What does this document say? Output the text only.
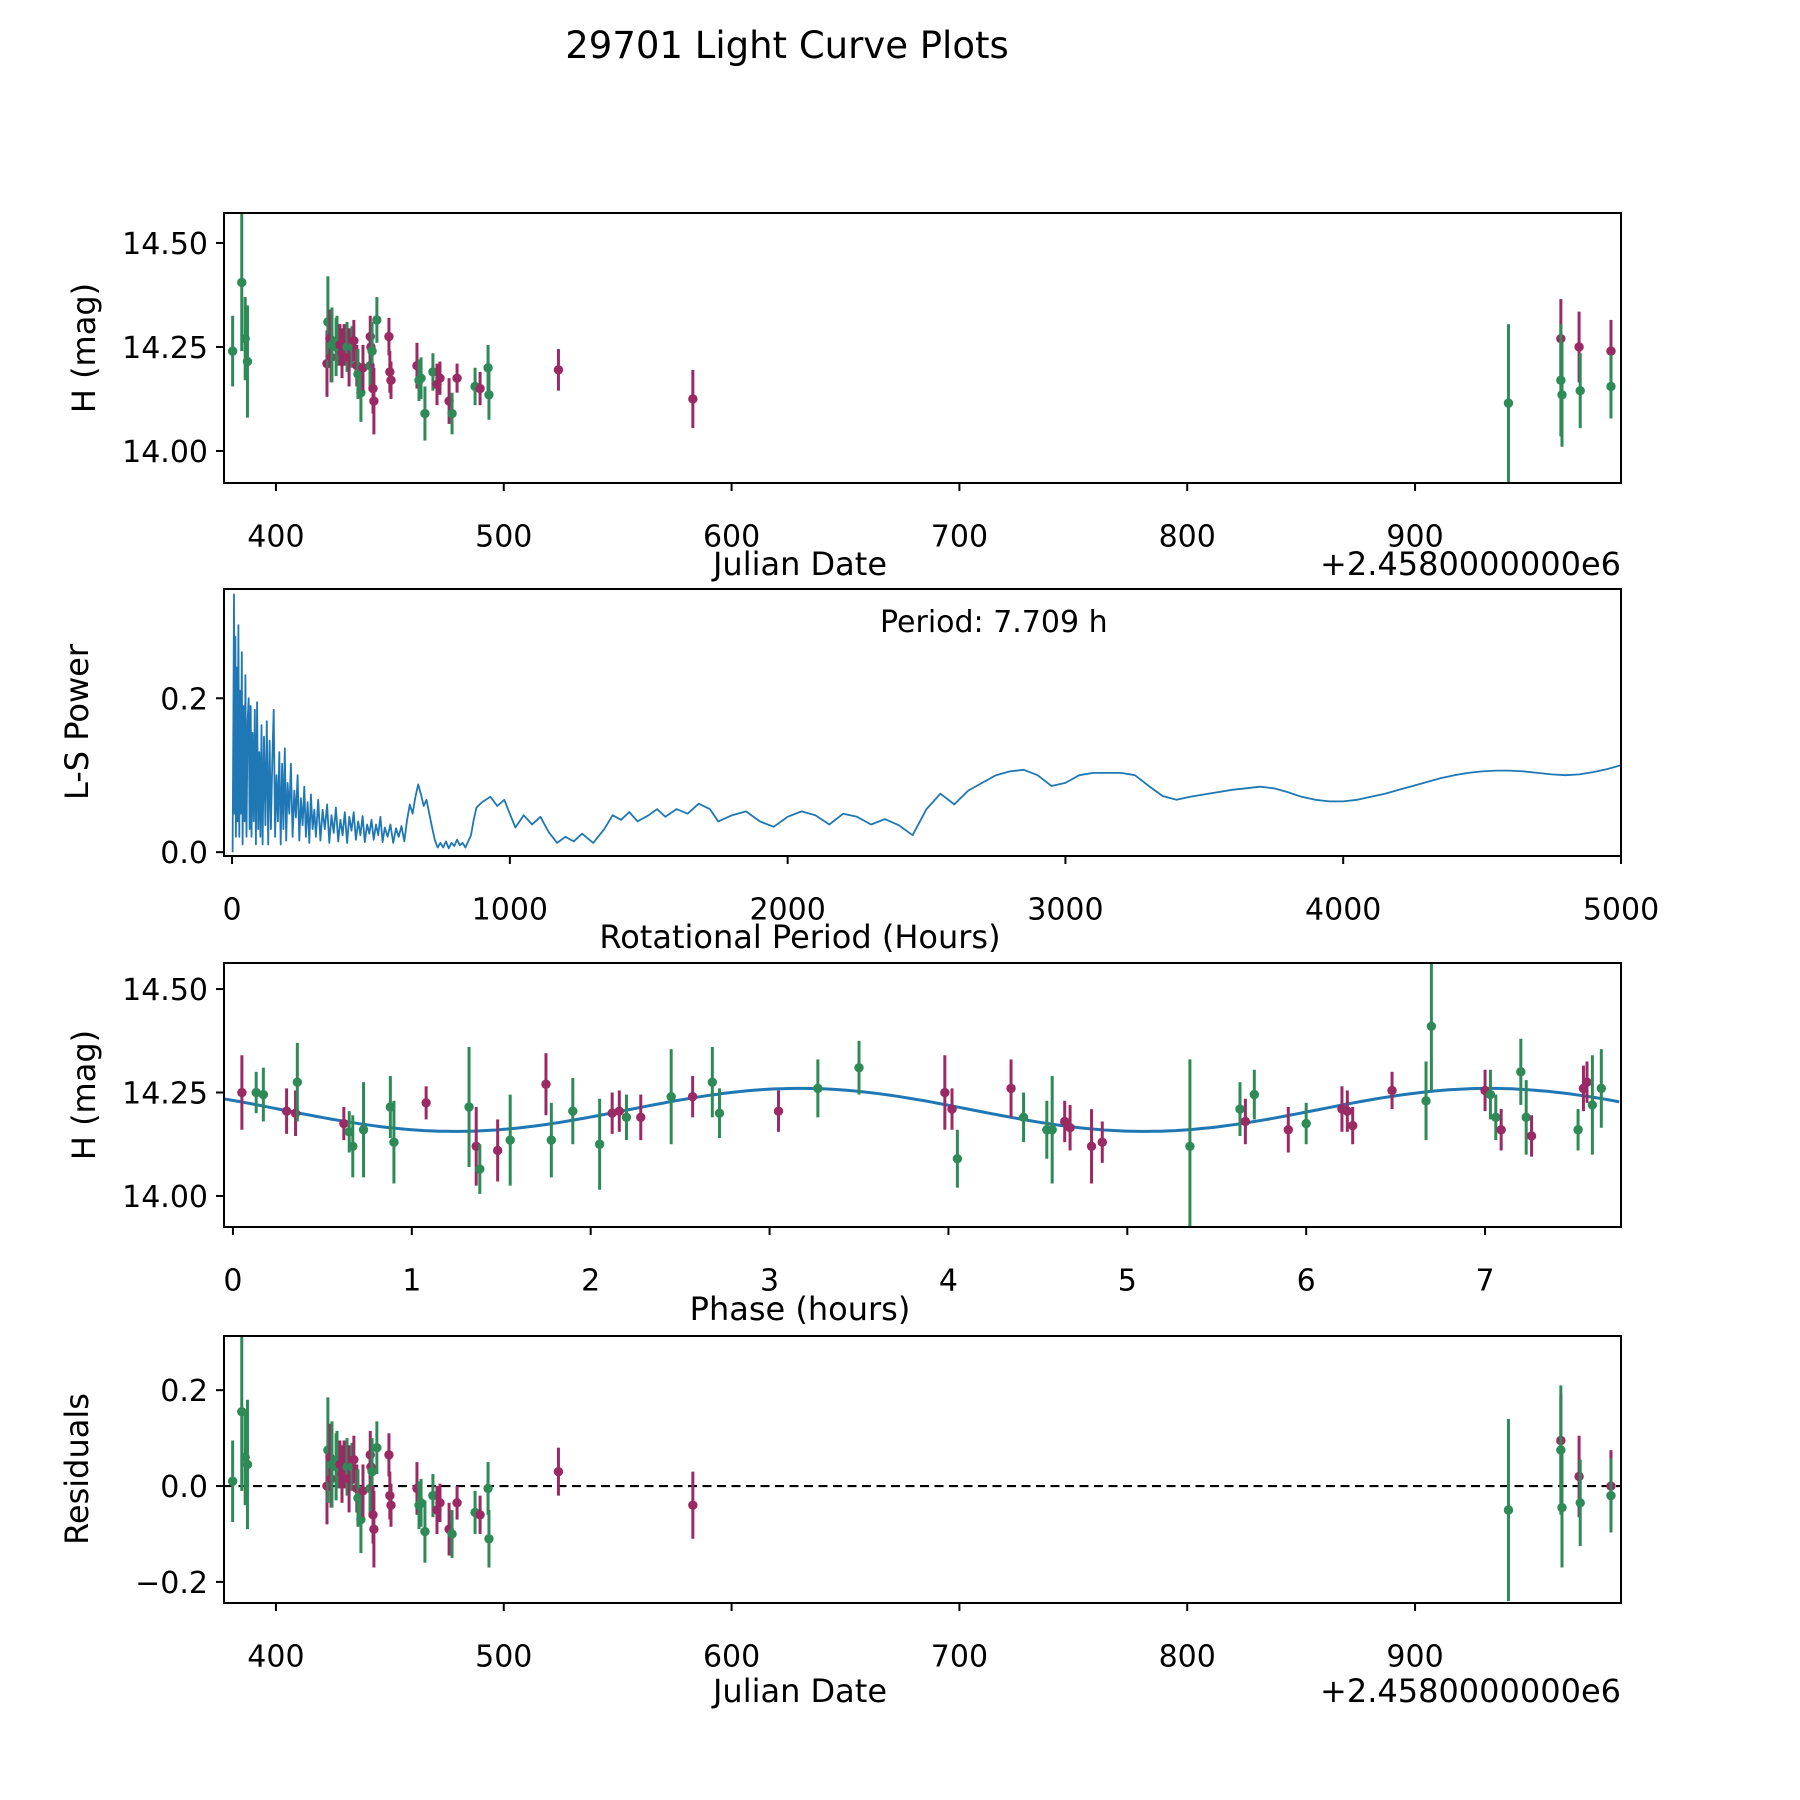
29701 Light Curve Plots
400	500	600	700	800	900
14.00
14.25
14.50
0	1000	2000	3000	4000	5000
0.0
0.2
0	1	2	3	4	5	6	7
14.00
14.25
14.50
400	500	600	700	800	900
−0.2
0.0
0.2
H (mag)
L-S Power
H (mag)
Residuals
Julian Date	+2.4580000000e6
Rotational Period (Hours)
Period: 7.709 h
Phase (hours)
Julian Date	+2.4580000000e6
